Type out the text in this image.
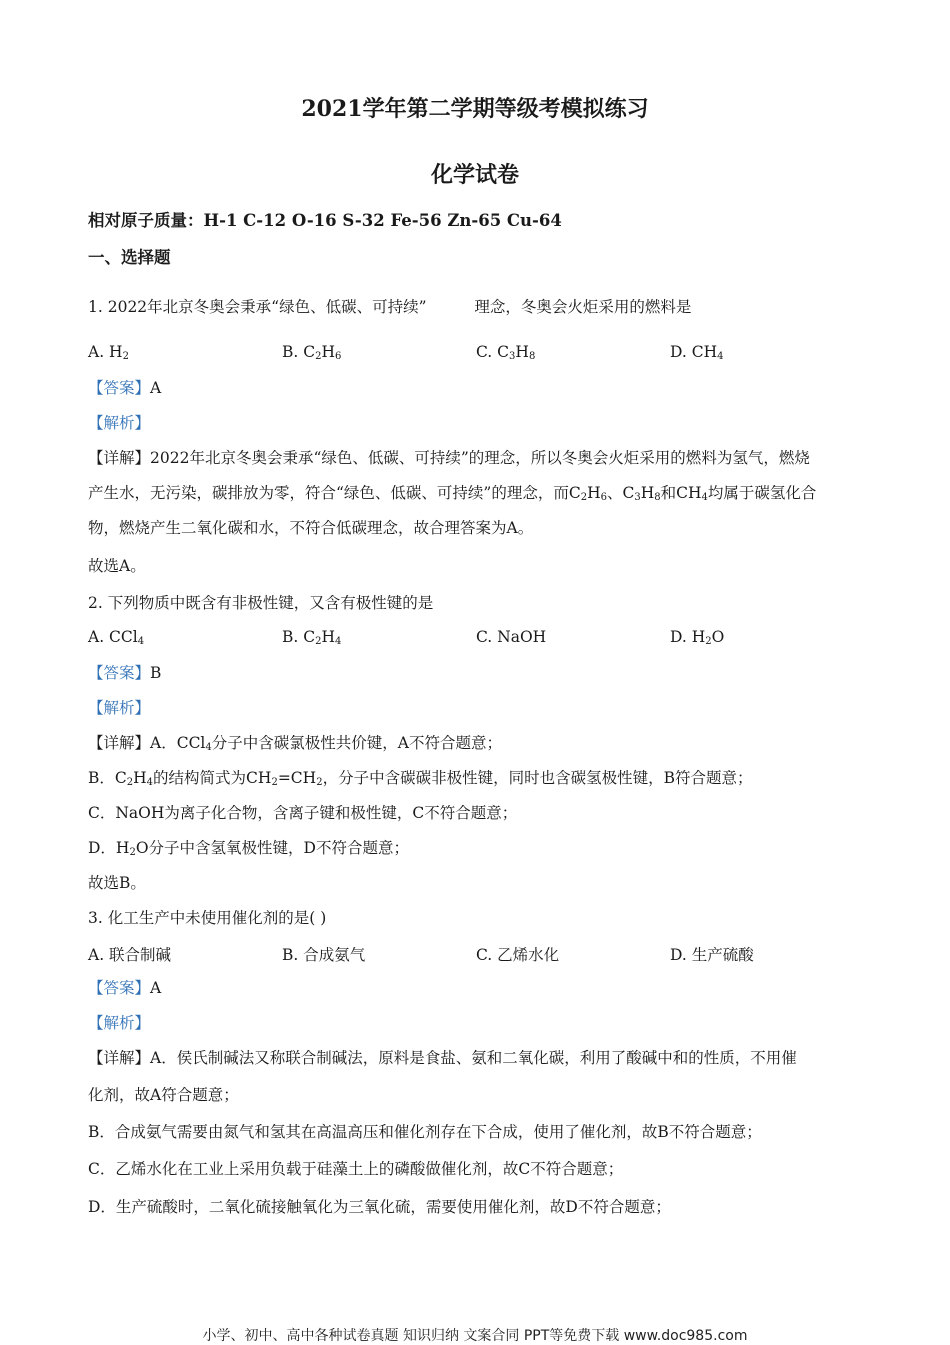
2021学年第二学期等级考模拟练习
化学试卷
相对原子质量：H-1 C-12 O-16 S-32 Fe-56 Zn-65 Cu-64
一、选择题
1. 2022年北京冬奥会秉承“绿色、低碳、可持续”	理念，冬奥会火炬采用的燃料是
A. $H_2$	B. $C_2H_6$	C. $C_3H_8$	D. $CH_4$
【答案】A
【解析】
【详解】2022年北京冬奥会秉承“绿色、低碳、可持续”的理念，所以冬奥会火炬采用的燃料为氢气，燃烧
产生水，无污染，碳排放为零，符合“绿色、低碳、可持续”的理念，而$C_2H_6$、$C_3H_8$和$CH_4$均属于碳氢化合
物，燃烧产生二氧化碳和水，不符合低碳理念，故合理答案为A。
故选A。
2. 下列物质中既含有非极性键，又含有极性键的是
A. CCl$_4$	B. $C_2H_4$	C. NaOH	D. $H_2O$
【答案】B
【解析】
【详解】A．CCl$_4$分子中含碳氯极性共价键，A不符合题意；
B．$C_2H_4$的结构简式为$CH_2=CH_2$，分子中含碳碳非极性键，同时也含碳氢极性键，B符合题意；
C．NaOH为离子化合物，含离子键和极性键，C不符合题意；
D．$H_2O$分子中含氢氧极性键，D不符合题意；
故选B。
3. 化工生产中未使用催化剂的是( )
A. 联合制碱	B. 合成氨气	C. 乙烯水化	D. 生产硫酸
【答案】A
【解析】
【详解】A．侯氏制碱法又称联合制碱法，原料是食盐、氨和二氧化碳，利用了酸碱中和的性质，不用催
化剂，故A符合题意；
B．合成氨气需要由氮气和氢其在高温高压和催化剂存在下合成，使用了催化剂，故B不符合题意；
C．乙烯水化在工业上采用负载于硅藻土上的磷酸做催化剂，故C不符合题意；
D．生产硫酸时，二氧化硫接触氧化为三氧化硫，需要使用催化剂，故D不符合题意；
小学、初中、高中各种试卷真题 知识归纳 文案合同 PPT等免费下载 www.doc985.com
